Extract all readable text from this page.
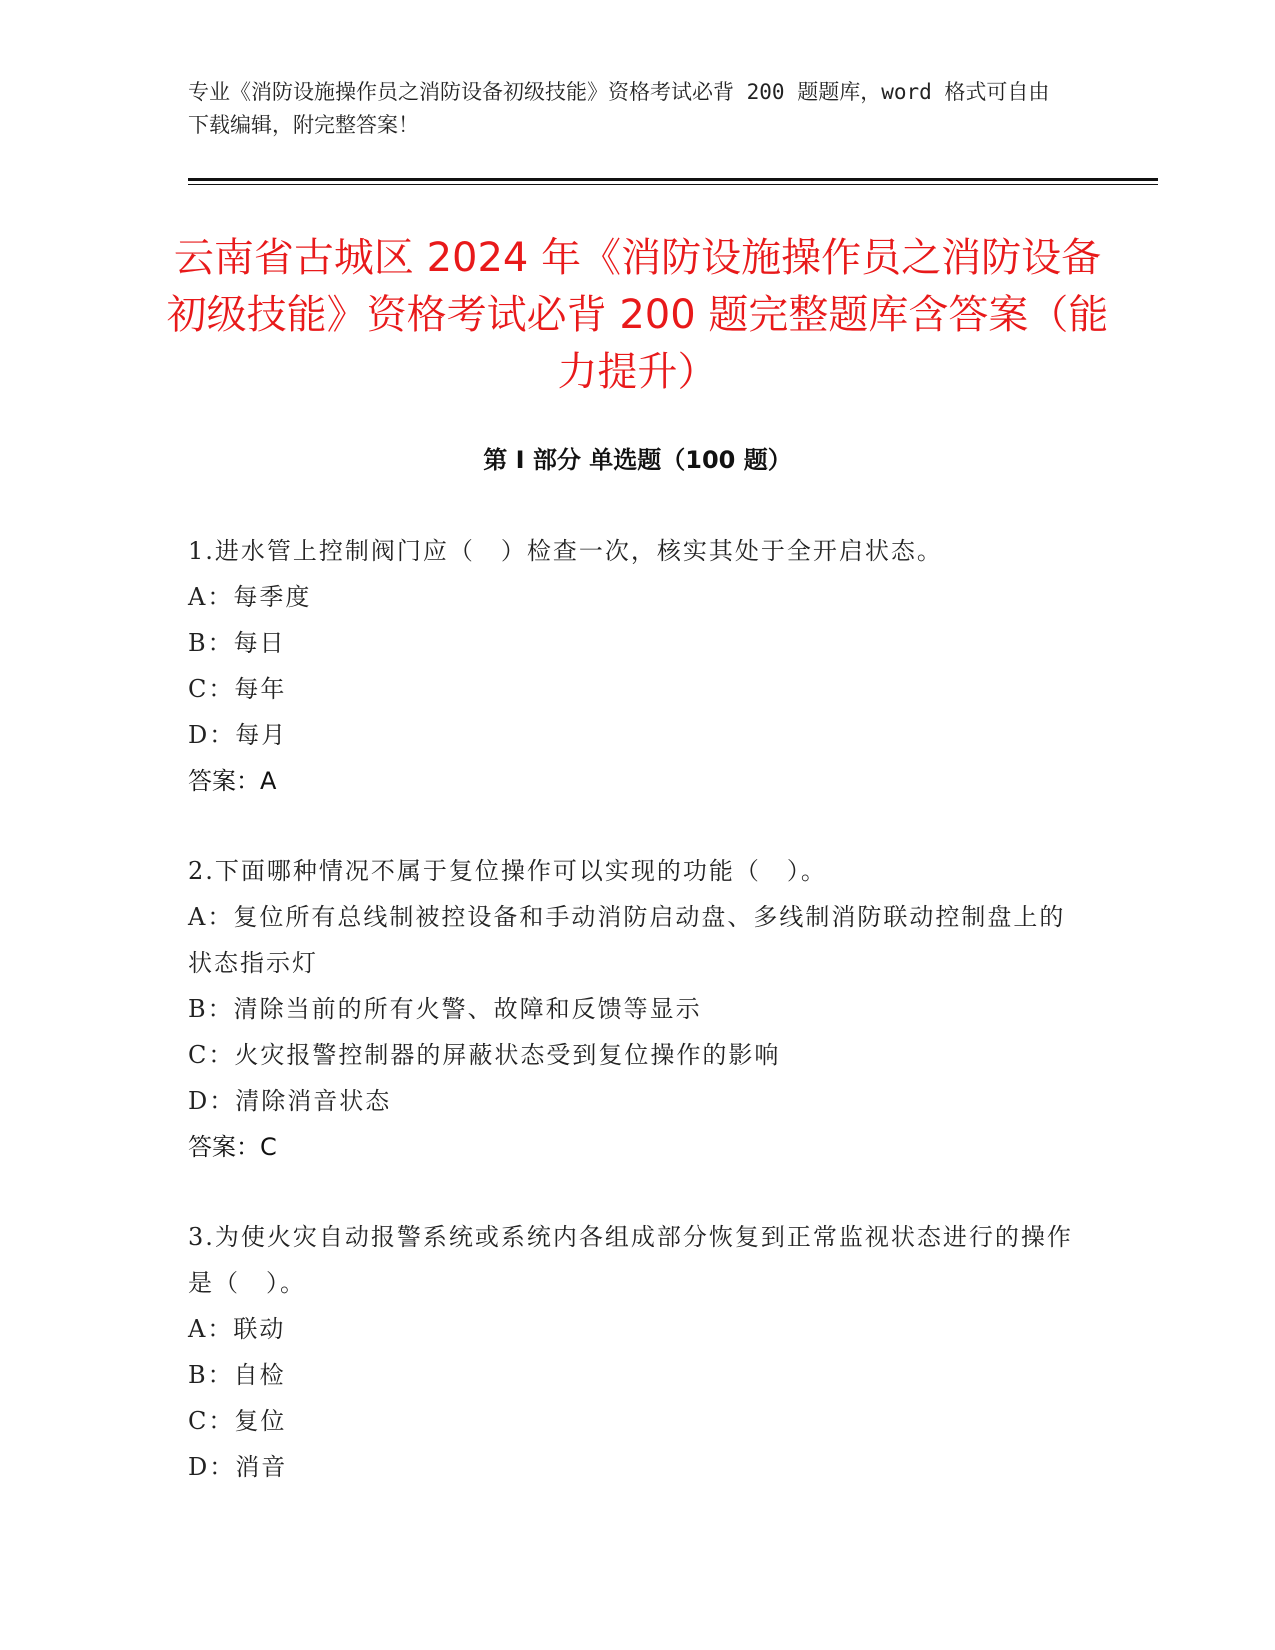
专业《消防设施操作员之消防设备初级技能》资格考试必背 200 题题库，word 格式可自由下载编辑，附完整答案！
云南省古城区 2024 年《消防设施操作员之消防设备初级技能》资格考试必背 200 题完整题库含答案（能力提升）
第 I 部分 单选题（100 题）
1.进水管上控制阀门应（　）检查一次，核实其处于全开启状态。
A：每季度
B：每日
C：每年
D：每月
答案：A
2.下面哪种情况不属于复位操作可以实现的功能（　）。
A：复位所有总线制被控设备和手动消防启动盘、多线制消防联动控制盘上的状态指示灯
B：清除当前的所有火警、故障和反馈等显示
C：火灾报警控制器的屏蔽状态受到复位操作的影响
D：清除消音状态
答案：C
3.为使火灾自动报警系统或系统内各组成部分恢复到正常监视状态进行的操作是（　）。
A：联动
B：自检
C：复位
D：消音
